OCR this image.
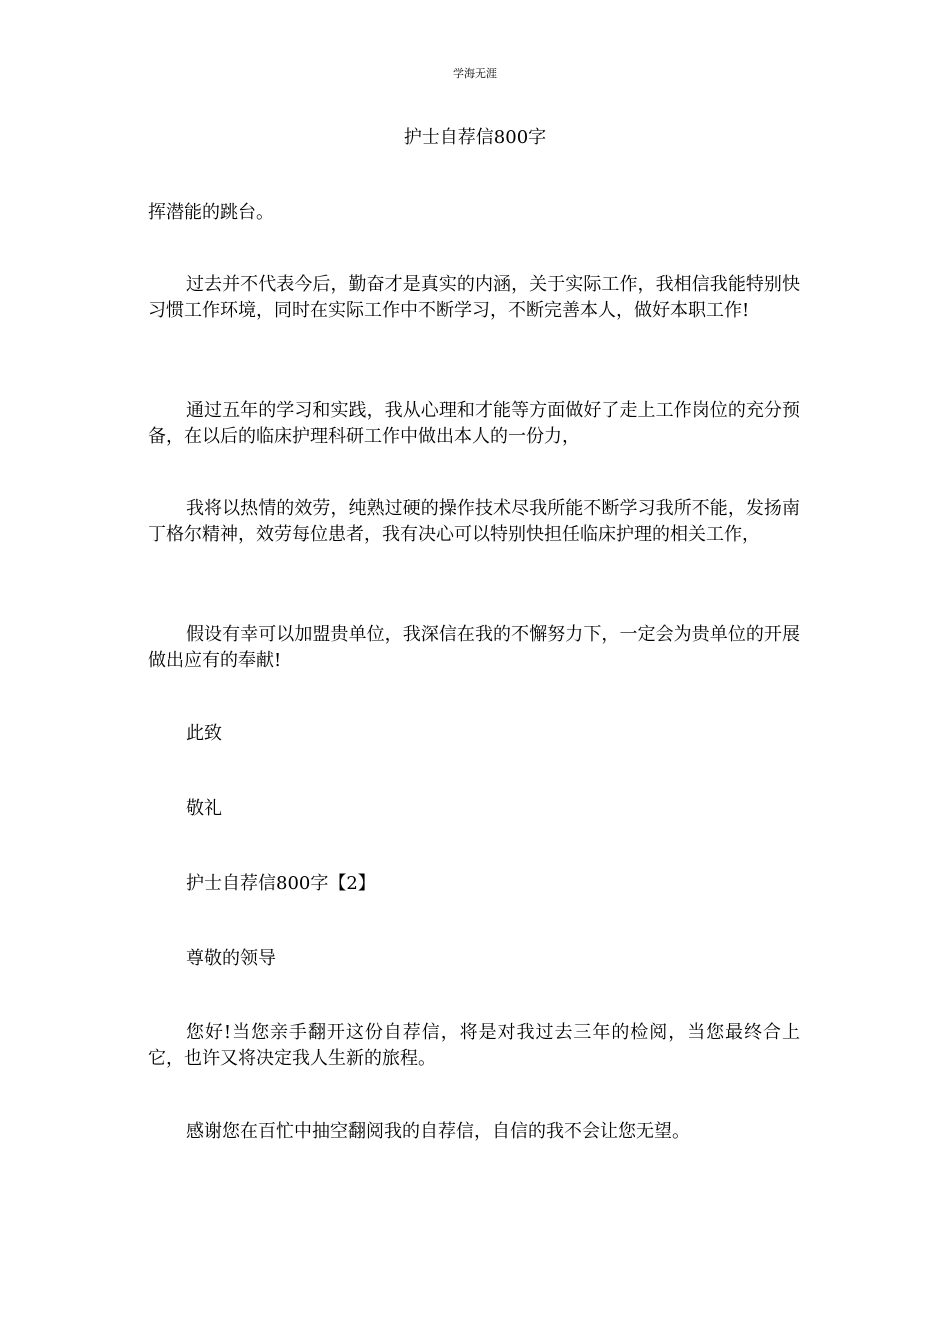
学海无涯
护士自荐信800字

挥潜能的跳台。

过去并不代表今后，勤奋才是真实的内涵，关于实际工作，我相信我能特别快习惯工作环境，同时在实际工作中不断学习，不断完善本人，做好本职工作!

通过五年的学习和实践，我从心理和才能等方面做好了走上工作岗位的充分预备，在以后的临床护理科研工作中做出本人的一份力，

我将以热情的效劳，纯熟过硬的操作技术尽我所能不断学习我所不能，发扬南丁格尔精神，效劳每位患者，我有决心可以特别快担任临床护理的相关工作，

假设有幸可以加盟贵单位，我深信在我的不懈努力下，一定会为贵单位的开展做出应有的奉献!

此致

敬礼

护士自荐信800字【2】

尊敬的领导

您好!当您亲手翻开这份自荐信，将是对我过去三年的检阅，当您最终合上它，也许又将决定我人生新的旅程。

感谢您在百忙中抽空翻阅我的自荐信，自信的我不会让您无望。
